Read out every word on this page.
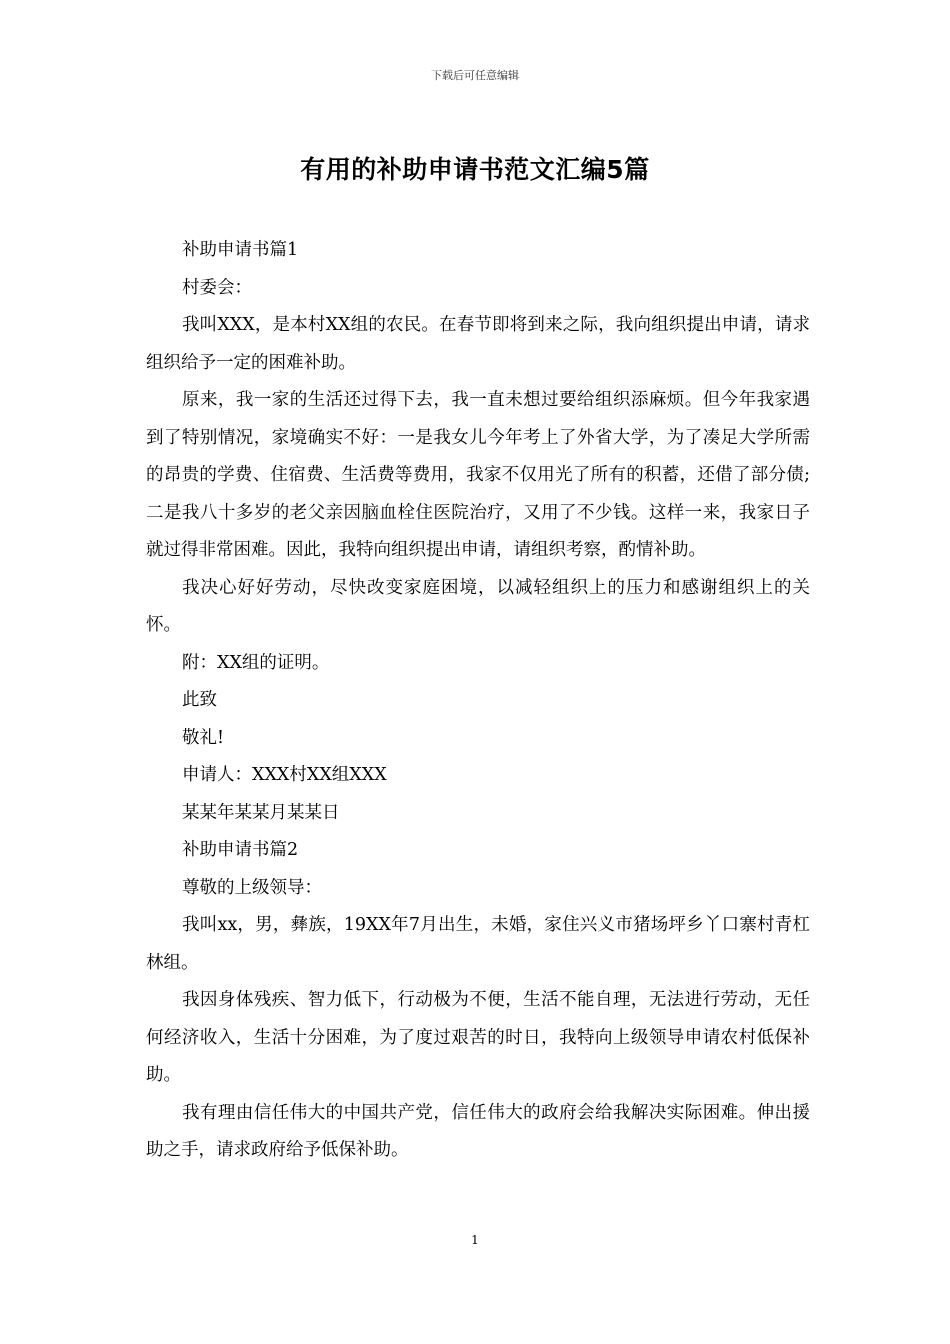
下载后可任意编辑
有用的补助申请书范文汇编5篇

补助申请书篇1

村委会：

我叫XXX，是本村XX组的农民。在春节即将到来之际，我向组织提出申请，请求组织给予一定的困难补助。

原来，我一家的生活还过得下去，我一直未想过要给组织添麻烦。但今年我家遇到了特别情况，家境确实不好：一是我女儿今年考上了外省大学，为了凑足大学所需的昂贵的学费、住宿费、生活费等费用，我家不仅用光了所有的积蓄，还借了部分债;二是我八十多岁的老父亲因脑血栓住医院治疗，又用了不少钱。这样一来，我家日子就过得非常困难。因此，我特向组织提出申请，请组织考察，酌情补助。

我决心好好劳动，尽快改变家庭困境，以减轻组织上的压力和感谢组织上的关怀。

附：XX组的证明。

此致

敬礼!

申请人：XXX村XX组XXX

某某年某某月某某日

补助申请书篇2

尊敬的上级领导：

我叫xx，男，彝族，19XX年7月出生，未婚，家住兴义市猪场坪乡丫口寨村青杠林组。

我因身体残疾、智力低下，行动极为不便，生活不能自理，无法进行劳动，无任何经济收入，生活十分困难，为了度过艰苦的时日，我特向上级领导申请农村低保补助。

我有理由信任伟大的中国共产党，信任伟大的政府会给我解决实际困难。伸出援助之手，请求政府给予低保补助。

1
